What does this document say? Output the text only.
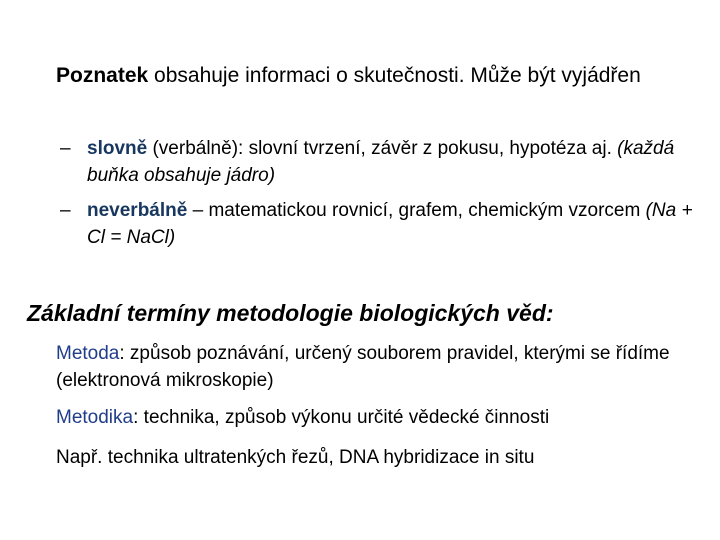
Poznatek obsahuje informaci o skutečnosti. Může být vyjádřen
– slovně (verbálně): slovní tvrzení, závěr z pokusu, hypotéza aj. (každá buňka obsahuje jádro)
– neverbálně – matematickou rovnicí, grafem, chemickým vzorcem (Na + Cl = NaCl)
Základní termíny metodologie biologických věd:
Metoda: způsob poznávání, určený souborem pravidel, kterými se řídíme (elektronová mikroskopie)
Metodika: technika, způsob výkonu určité vědecké činnosti
Např. technika ultratenkých řezů, DNA hybridizace in situ
